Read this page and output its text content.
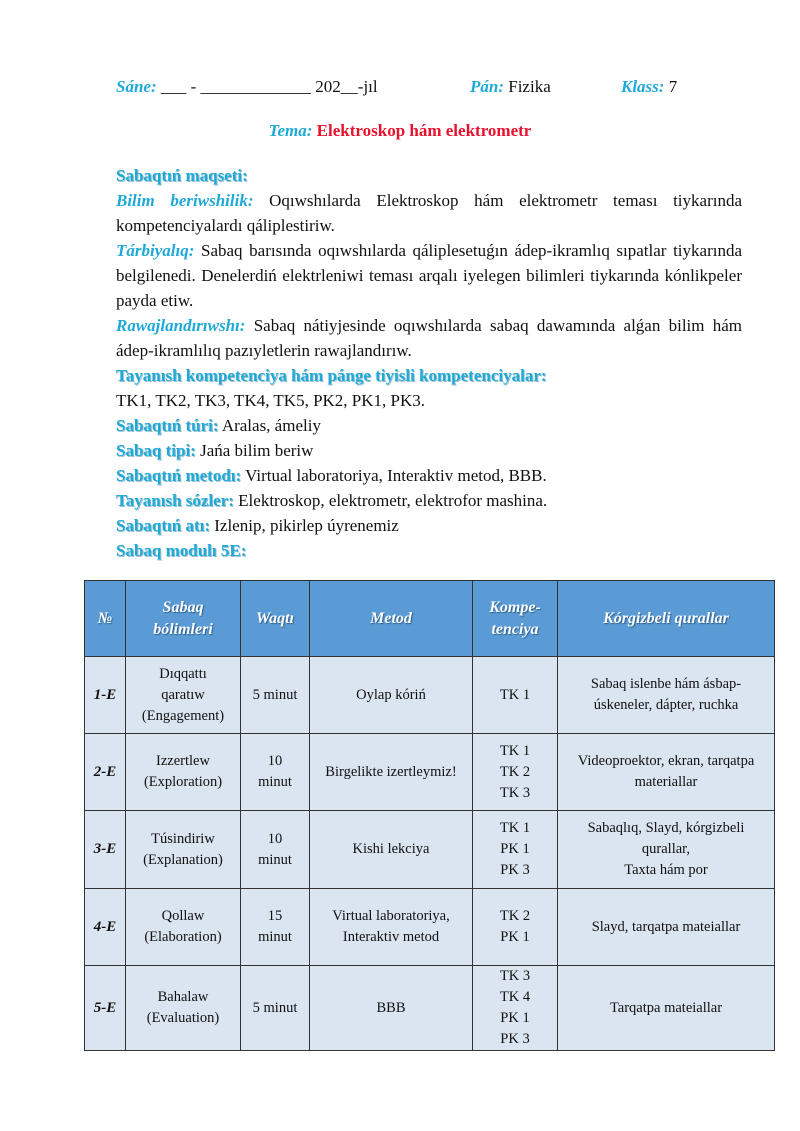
Sáne: ___ - _____________ 202__-jıl	Pán: Fizika	Klass: 7
Tema: Elektroskop hám elektrometr

Sabaqtıń maqseti:

Bilim beriwshilik: Oqıwshılarda Elektroskop hám elektrometr teması tiykarında kompetenciyalardı qáliplestiriw.

Tárbiyalıq: Sabaq barısında oqıwshılarda qáliplesetuǵın ádep-ikramlıq sıpatlar tiykarında belgilenedi. Denelerdiń elektrleniwi teması arqalı iyelegen bilimleri tiykarında kónlikpeler payda etiw.

Rawajlandırıwshı: Sabaq nátiyjesinde oqıwshılarda sabaq dawamında alǵan bilim hám ádep-ikramlılıq pazıyletlerin rawajlandırıw.

Tayanısh kompetenciya hám pánge tiyisli kompetenciyalar:

TK1, TK2, TK3, TK4, TK5, PK2, PK1, PK3.

Sabaqtıń túri: Aralas, ámeliy

Sabaq tipi: Jańa bilim beriw

Sabaqtıń metodı: Virtual laboratoriya, Interaktiv metod, BBB.

Tayanısh sózler: Elektroskop, elektrometr, elektrofor mashina.

Sabaqtıń atı: Izlenip, pikirlep úyrenemiz

Sabaq modulı 5E:

№	Sabaq
bólimleri	Waqtı	Metod	Kompe-
tenciya	Kórgizbeli qurallar
1-E	Dıqqattı
qaratıw
(Engagement)	5 minut	Oylap kóriń	TK 1	Sabaq islenbe hám ásbap-
úskeneler, dápter, ruchka

2-E	Izzertlew
(Exploration)	10
minut	Birgelikte izertleymiz!	TK 1
TK 2
TK 3	Videoproektor, ekran, tarqatpa
materiallar

3-E	Túsindiriw
(Explanation)	10
minut	Kishi lekciya	TK 1
PK 1
PK 3	Sabaqlıq, Slayd, kórgizbeli
qurallar,
Taxta hám por

4-E	Qollaw
(Elaboration)	15
minut	Virtual laboratoriya,
Interaktiv metod	TK 2
PK 1	Slayd, tarqatpa mateiallar

5-E	Bahalaw
(Evaluation)	5 minut	BBB	TK 3
TK 4
PK 1
PK 3	Tarqatpa mateiallar
